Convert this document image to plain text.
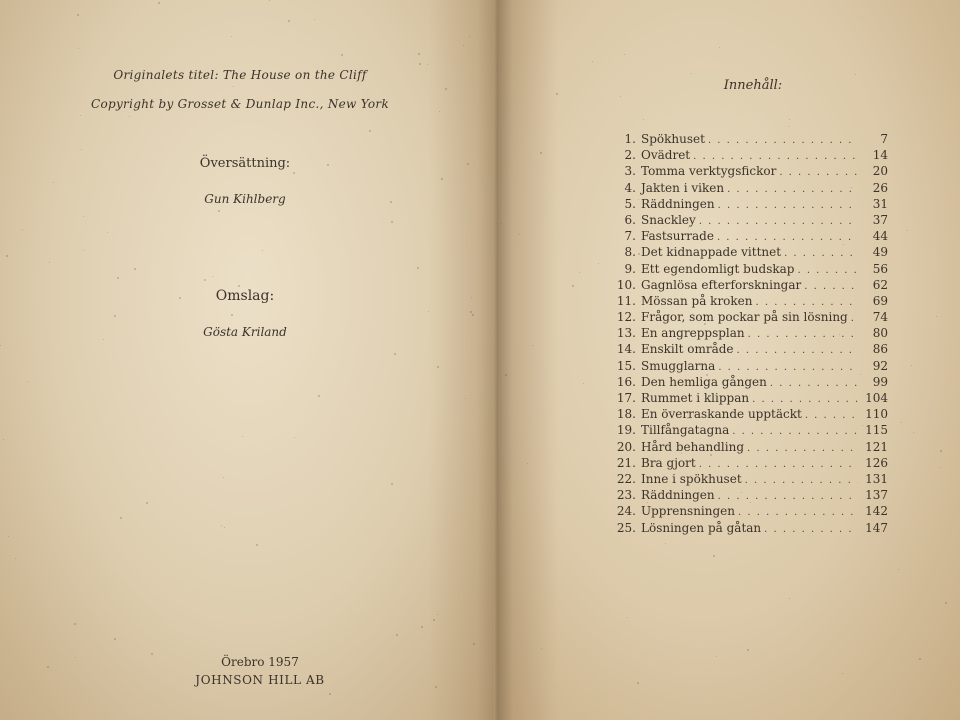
Originalets titel: The House on the Cliff
Copyright by Grosset & Dunlap Inc., New York
Översättning:
Gun Kihlberg
Omslag:
Gösta Kriland
Örebro 1957
JOHNSON HILL AB
Innehåll:
1. Spökhuset . . .	7
2. Ovädret . . .	14
3. Tomma verktygsfickor . . .	20
4. Jakten i viken . . .	26
5. Räddningen . . .	31
6. Snackley . . .	37
7. Fastsurrade . . .	44
8. Det kidnappade vittnet . . .	49
9. Ett egendomligt budskap . . .	56
10. Gagnlösa efterforskningar . . .	62
11. Mössan på kroken . . .	69
12. Frågor, som pockar på sin lösning . . .	74
13. En angreppsplan . . .	80
14. Enskilt område . . .	86
15. Smugglarna . . .	92
16. Den hemliga gången . . .	99
17. Rummet i klippan . . .	104
18. En överraskande upptäckt . . .	110
19. Tillfångatagna . . .	115
20. Hård behandling . . .	121
21. Bra gjort . . .	126
22. Inne i spökhuset . . .	131
23. Räddningen . . .	137
24. Upprensningen . . .	142
25. Lösningen på gåtan . . .	147
